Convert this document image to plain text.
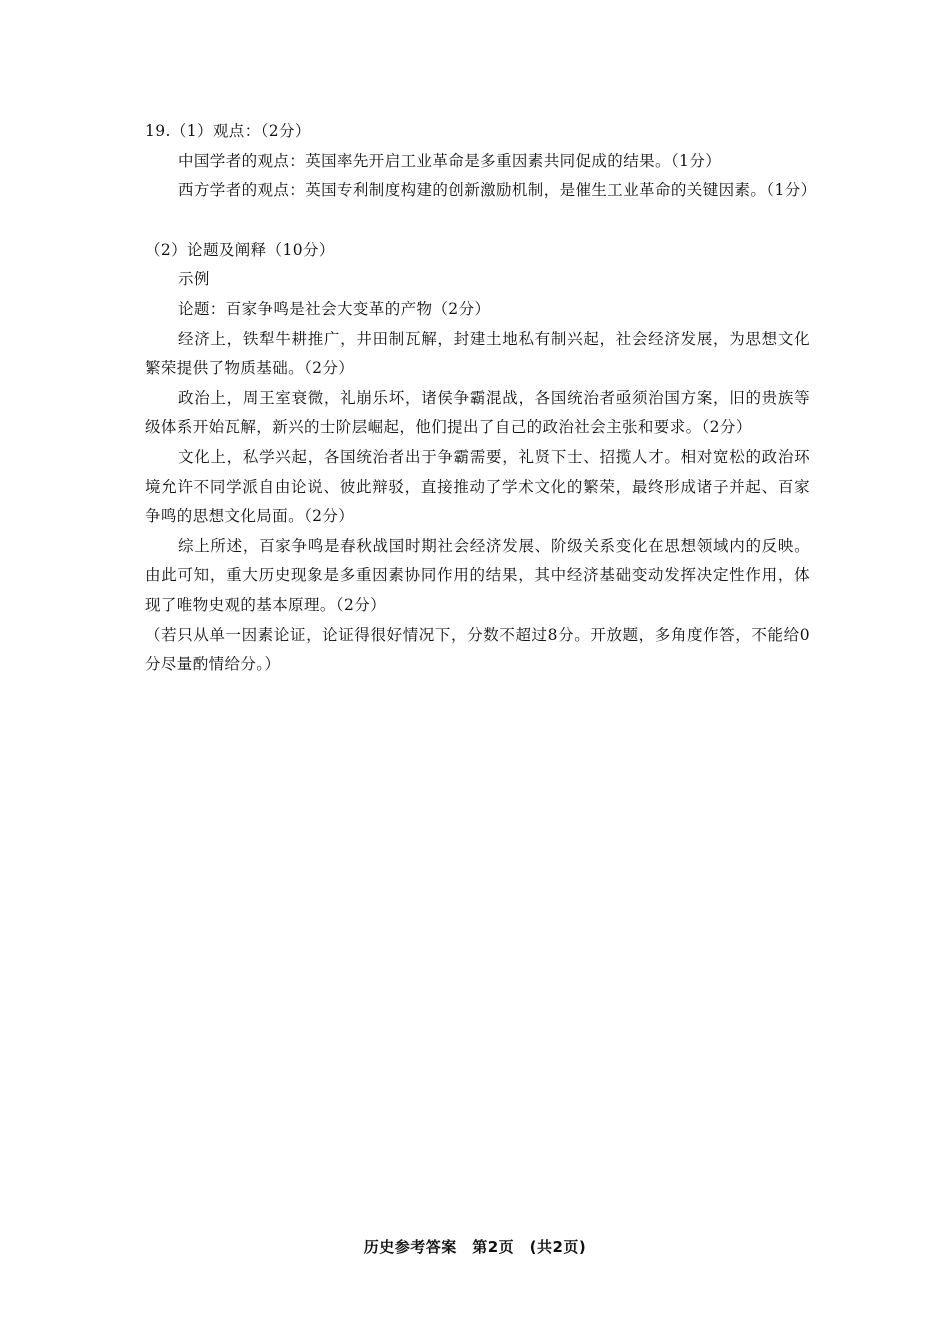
19.（1）观点：（2分）

中国学者的观点：英国率先开启工业革命是多重因素共同促成的结果。（1分）

西方学者的观点：英国专利制度构建的创新激励机制，是催生工业革命的关键因素。（1分）

（2）论题及阐释（10分）

示例

论题：百家争鸣是社会大变革的产物（2分）

经济上，铁犁牛耕推广，井田制瓦解，封建土地私有制兴起，社会经济发展，为思想文化繁荣提供了物质基础。（2分）

政治上，周王室衰微，礼崩乐坏，诸侯争霸混战，各国统治者亟须治国方案，旧的贵族等级体系开始瓦解，新兴的士阶层崛起，他们提出了自己的政治社会主张和要求。（2分）

文化上，私学兴起，各国统治者出于争霸需要，礼贤下士、招揽人才。相对宽松的政治环境允许不同学派自由论说、彼此辩驳，直接推动了学术文化的繁荣，最终形成诸子并起、百家争鸣的思想文化局面。（2分）

综上所述，百家争鸣是春秋战国时期社会经济发展、阶级关系变化在思想领域内的反映。由此可知，重大历史现象是多重因素协同作用的结果，其中经济基础变动发挥决定性作用，体现了唯物史观的基本原理。（2分）

（若只从单一因素论证，论证得很好情况下，分数不超过8分。开放题，多角度作答，不能给0分尽量酌情给分。）

历史参考答案　第2页　(共2页)
